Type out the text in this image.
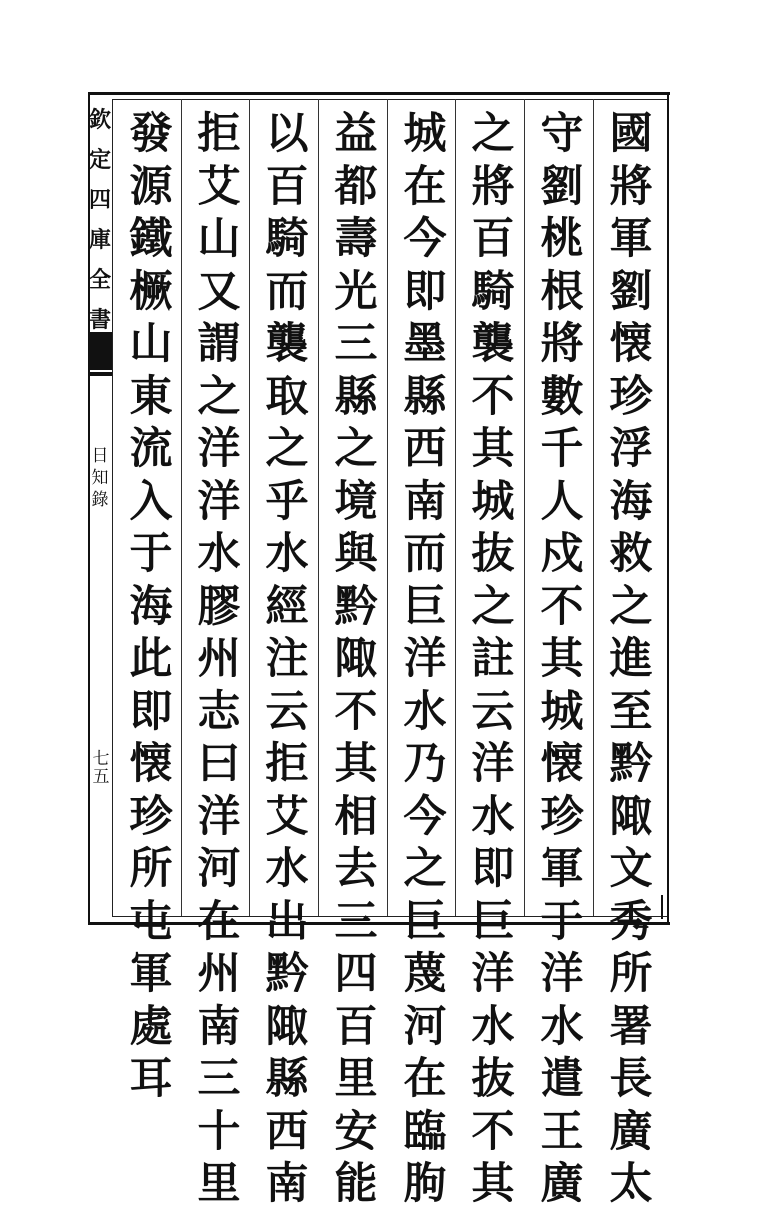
欽
定
四
庫
全
書
日
知
錄
七
五
國
將
軍
劉
懐
珍
浮
海
救
之
進
至
黔
陬
文
秀
所
署
長
廣
太
守
劉
桃
根
將
數
千
人
戍
不
其
城
懐
珍
軍
于
洋
水
遣
王
廣
之
將
百
騎
襲
不
其
城
抜
之
註
云
洋
水
即
巨
洋
水
抜
不
其
城
在
今
即
墨
縣
西
南
而
巨
洋
水
乃
今
之
巨
蔑
河
在
臨
朐
益
都
壽
光
三
縣
之
境
與
黔
陬
不
其
相
去
三
四
百
里
安
能
以
百
騎
而
襲
取
之
乎
水
經
注
云
拒
艾
水
出
黔
陬
縣
西
南
拒
艾
山
又
謂
之
洋
洋
水
膠
州
志
曰
洋
河
在
州
南
三
十
里
發
源
鐵
橛
山
東
流
入
于
海
此
即
懐
珍
所
屯
軍
處
耳
